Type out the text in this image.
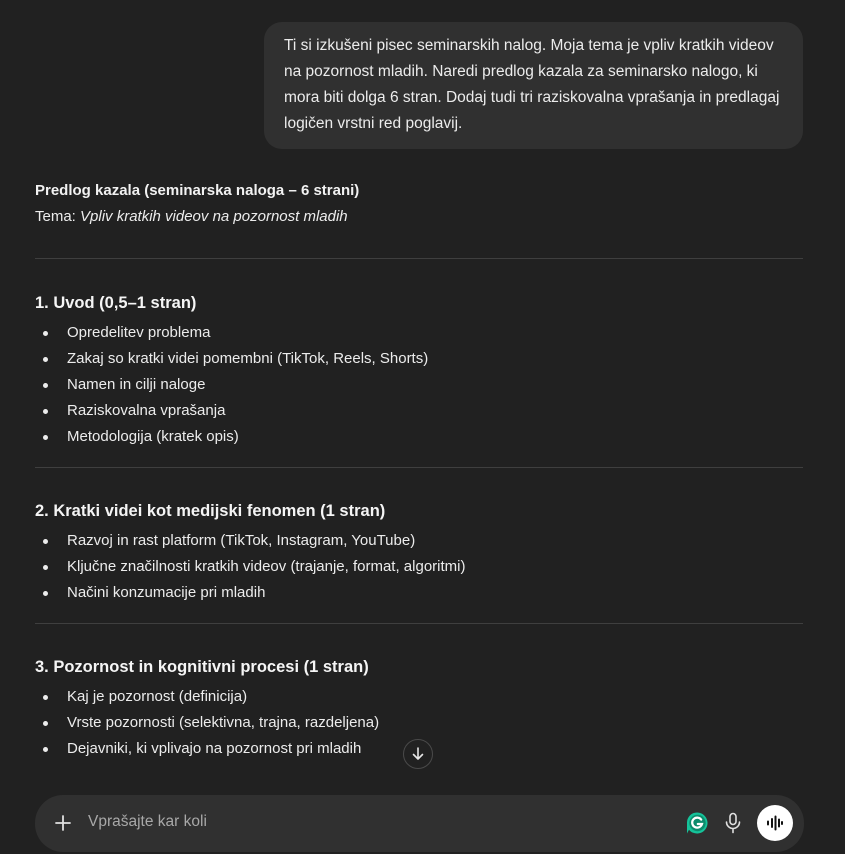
Ti si izkušeni pisec seminarskih nalog. Moja tema je vpliv kratkih videov na pozornost mladih. Naredi predlog kazala za seminarsko nalogo, ki mora biti dolga 6 stran. Dodaj tudi tri raziskovalna vprašanja in predlagaj logičen vrstni red poglavij.
Predlog kazala (seminarska naloga – 6 strani)
Tema: Vpliv kratkih videov na pozornost mladih
1. Uvod (0,5–1 stran)
Opredelitev problema
Zakaj so kratki videi pomembni (TikTok, Reels, Shorts)
Namen in cilji naloge
Raziskovalna vprašanja
Metodologija (kratek opis)
2. Kratki videi kot medijski fenomen (1 stran)
Razvoj in rast platform (TikTok, Instagram, YouTube)
Ključne značilnosti kratkih videov (trajanje, format, algoritmi)
Načini konzumacije pri mladih
3. Pozornost in kognitivni procesi (1 stran)
Kaj je pozornost (definicija)
Vrste pozornosti (selektivna, trajna, razdeljena)
Dejavniki, ki vplivajo na pozornost pri mladih
Vprašajte kar koli
